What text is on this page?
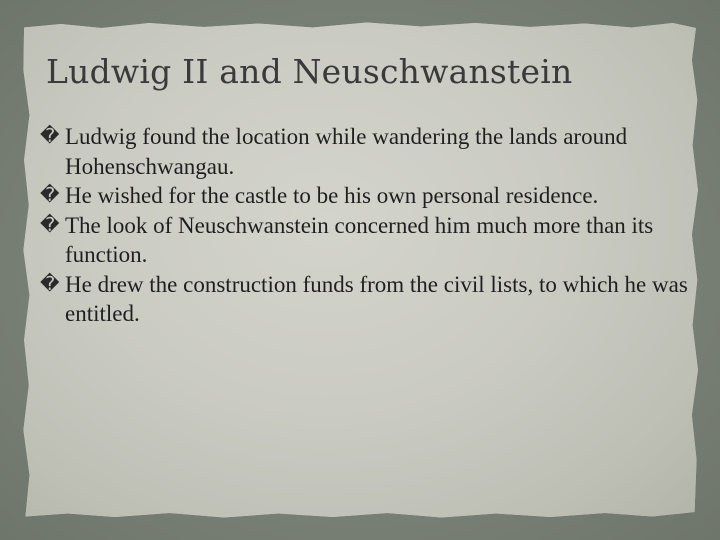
Ludwig II and Neuschwanstein
� Ludwig found the location while wandering the lands around Hohenschwangau.
� He wished for the castle to be his own personal residence.
� The look of Neuschwanstein concerned him much more than its function.
� He drew the construction funds from the civil lists, to which he was entitled.
